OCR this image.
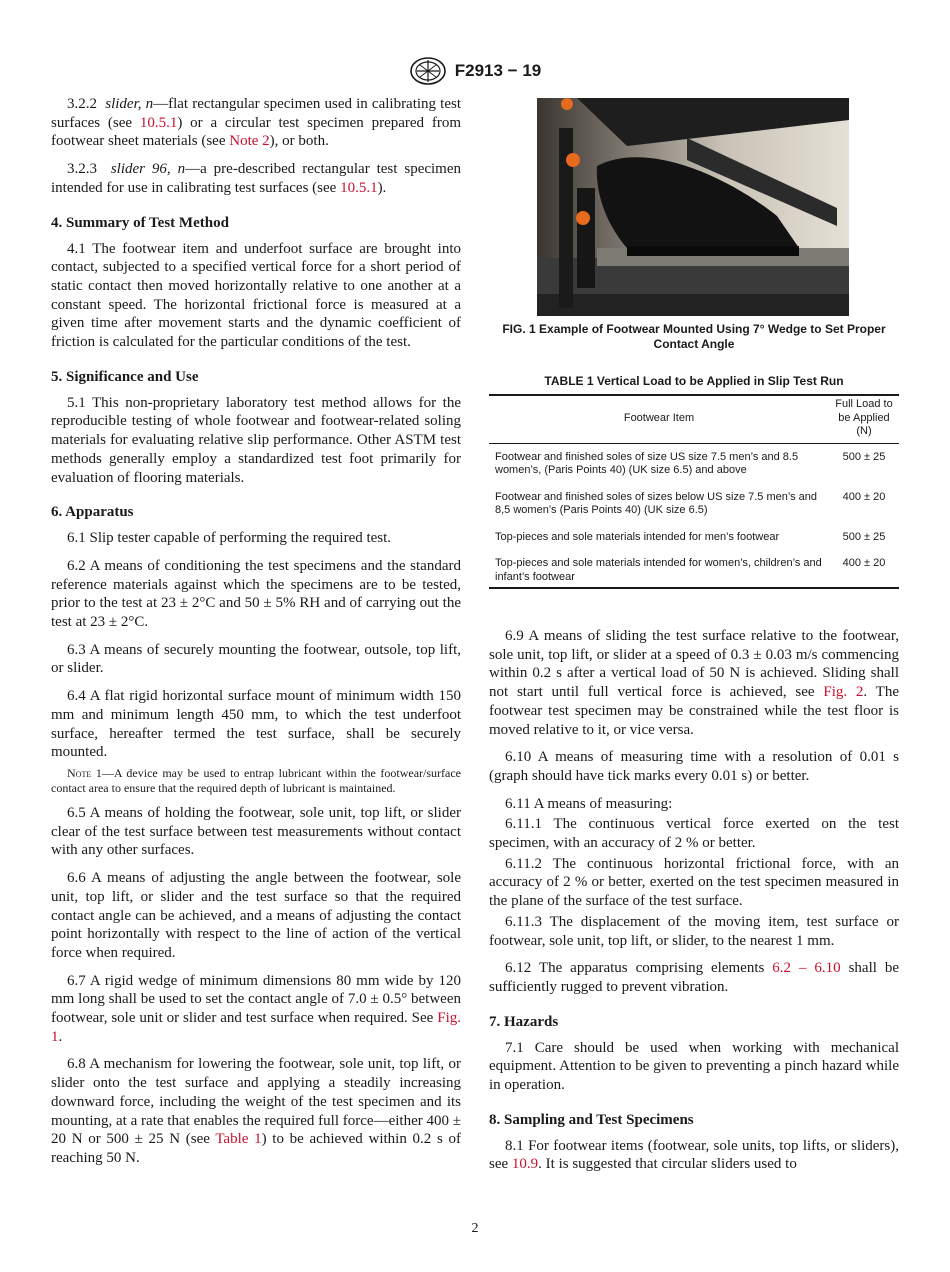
F2913 − 19

3.2.2 slider, n—flat rectangular specimen used in calibrating test surfaces (see 10.5.1) or a circular test specimen prepared from footwear sheet materials (see Note 2), or both.

3.2.3 slider 96, n—a pre-described rectangular test specimen intended for use in calibrating test surfaces (see 10.5.1).

4. Summary of Test Method

4.1 The footwear item and underfoot surface are brought into contact, subjected to a specified vertical force for a short period of static contact then moved horizontally relative to one another at a constant speed. The horizontal frictional force is measured at a given time after movement starts and the dynamic coefficient of friction is calculated for the particular conditions of the test.

5. Significance and Use

5.1 This non-proprietary laboratory test method allows for the reproducible testing of whole footwear and footwear-related soling materials for evaluating relative slip performance. Other ASTM test methods generally employ a standardized test foot primarily for evaluation of flooring materials.

6. Apparatus

6.1 Slip tester capable of performing the required test.

6.2 A means of conditioning the test specimens and the standard reference materials against which the specimens are to be tested, prior to the test at 23 ± 2°C and 50 ± 5% RH and of carrying out the test at 23 ± 2°C.

6.3 A means of securely mounting the footwear, outsole, top lift, or slider.

6.4 A flat rigid horizontal surface mount of minimum width 150 mm and minimum length 450 mm, to which the test underfoot surface, hereafter termed the test surface, shall be securely mounted.

Note 1—A device may be used to entrap lubricant within the footwear/surface contact area to ensure that the required depth of lubricant is maintained.

6.5 A means of holding the footwear, sole unit, top lift, or slider clear of the test surface between test measurements without contact with any other surfaces.

6.6 A means of adjusting the angle between the footwear, sole unit, top lift, or slider and the test surface so that the required contact angle can be achieved, and a means of adjusting the contact point horizontally with respect to the line of action of the vertical force when required.

6.7 A rigid wedge of minimum dimensions 80 mm wide by 120 mm long shall be used to set the contact angle of 7.0 ± 0.5° between footwear, sole unit or slider and test surface when required. See Fig. 1.

6.8 A mechanism for lowering the footwear, sole unit, top lift, or slider onto the test surface and applying a steadily increasing downward force, including the weight of the test specimen and its mounting, at a rate that enables the required full force—either 400 ± 20 N or 500 ± 25 N (see Table 1) to be achieved within 0.2 s of reaching 50 N.

FIG. 1 Example of Footwear Mounted Using 7° Wedge to Set Proper Contact Angle

TABLE 1 Vertical Load to be Applied in Slip Test Run

Footwear Item	Full Load to be Applied (N)
Footwear and finished soles of size US size 7.5 men’s and 8.5 women’s, (Paris Points 40) (UK size 6.5) and above	500 ± 25
Footwear and finished soles of sizes below US size 7.5 men’s and 8,5 women’s (Paris Points 40) (UK size 6.5)	400 ± 20
Top-pieces and sole materials intended for men’s footwear	500 ± 25
Top-pieces and sole materials intended for women’s, children’s and infant’s footwear	400 ± 20

6.9 A means of sliding the test surface relative to the footwear, sole unit, top lift, or slider at a speed of 0.3 ± 0.03 m/s commencing within 0.2 s after a vertical load of 50 N is achieved. Sliding shall not start until full vertical force is achieved, see Fig. 2. The footwear test specimen may be constrained while the test floor is moved relative to it, or vice versa.

6.10 A means of measuring time with a resolution of 0.01 s (graph should have tick marks every 0.01 s) or better.

6.11 A means of measuring:

6.11.1 The continuous vertical force exerted on the test specimen, with an accuracy of 2 % or better.

6.11.2 The continuous horizontal frictional force, with an accuracy of 2 % or better, exerted on the test specimen measured in the plane of the surface of the test surface.

6.11.3 The displacement of the moving item, test surface or footwear, sole unit, top lift, or slider, to the nearest 1 mm.

6.12 The apparatus comprising elements 6.2 – 6.10 shall be sufficiently rugged to prevent vibration.

7. Hazards

7.1 Care should be used when working with mechanical equipment. Attention to be given to preventing a pinch hazard while in operation.

8. Sampling and Test Specimens

8.1 For footwear items (footwear, sole units, top lifts, or sliders), see 10.9. It is suggested that circular sliders used to

2
